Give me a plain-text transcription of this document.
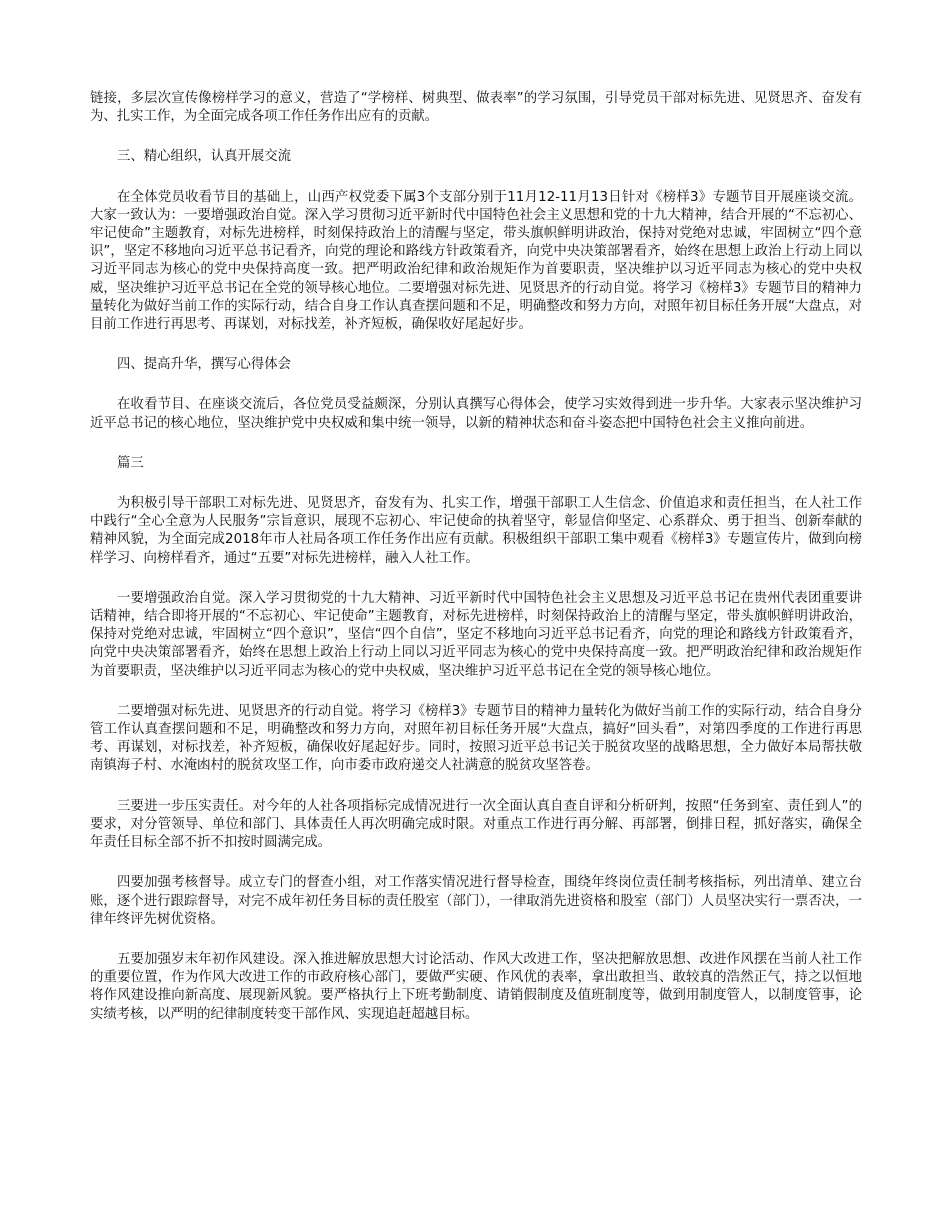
链接，多层次宣传像榜样学习的意义，营造了“学榜样、树典型、做表率”的学习氛围，引导党员干部对标先进、见贤思齐、奋发有为、扎实工作，为全面完成各项工作任务作出应有的贡献。

三、精心组织，认真开展交流

在全体党员收看节目的基础上，山西产权党委下属3个支部分别于11月12-11月13日针对《榜样3》专题节目开展座谈交流。大家一致认为：一要增强政治自觉。深入学习贯彻习近平新时代中国特色社会主义思想和党的十九大精神，结合开展的“不忘初心、牢记使命”主题教育，对标先进榜样，时刻保持政治上的清醒与坚定，带头旗帜鲜明讲政治，保持对党绝对忠诚，牢固树立“四个意识”，坚定不移地向习近平总书记看齐，向党的理论和路线方针政策看齐，向党中央决策部署看齐，始终在思想上政治上行动上同以习近平同志为核心的党中央保持高度一致。把严明政治纪律和政治规矩作为首要职责，坚决维护以习近平同志为核心的党中央权威，坚决维护习近平总书记在全党的领导核心地位。二要增强对标先进、见贤思齐的行动自觉。将学习《榜样3》专题节目的精神力量转化为做好当前工作的实际行动，结合自身工作认真查摆问题和不足，明确整改和努力方向，对照年初目标任务开展“大盘点，对目前工作进行再思考、再谋划，对标找差，补齐短板，确保收好尾起好步。

四、提高升华，撰写心得体会

在收看节目、在座谈交流后，各位党员受益颇深，分别认真撰写心得体会，使学习实效得到进一步升华。大家表示坚决维护习近平总书记的核心地位，坚决维护党中央权威和集中统一领导，以新的精神状态和奋斗姿态把中国特色社会主义推向前进。

篇三

为积极引导干部职工对标先进、见贤思齐，奋发有为、扎实工作，增强干部职工人生信念、价值追求和责任担当，在人社工作中践行“全心全意为人民服务”宗旨意识，展现不忘初心、牢记使命的执着坚守，彰显信仰坚定、心系群众、勇于担当、创新奉献的精神风貌，为全面完成2018年市人社局各项工作任务作出应有贡献。积极组织干部职工集中观看《榜样3》专题宣传片，做到向榜样学习、向榜样看齐，通过“五要”对标先进榜样，融入人社工作。

一要增强政治自觉。深入学习贯彻党的十九大精神、习近平新时代中国特色社会主义思想及习近平总书记在贵州代表团重要讲话精神，结合即将开展的“不忘初心、牢记使命”主题教育，对标先进榜样，时刻保持政治上的清醒与坚定，带头旗帜鲜明讲政治，保持对党绝对忠诚，牢固树立“四个意识”，坚信“四个自信”，坚定不移地向习近平总书记看齐，向党的理论和路线方针政策看齐，向党中央决策部署看齐，始终在思想上政治上行动上同以习近平同志为核心的党中央保持高度一致。把严明政治纪律和政治规矩作为首要职责，坚决维护以习近平同志为核心的党中央权威，坚决维护习近平总书记在全党的领导核心地位。

二要增强对标先进、见贤思齐的行动自觉。将学习《榜样3》专题节目的精神力量转化为做好当前工作的实际行动，结合自身分管工作认真查摆问题和不足，明确整改和努力方向，对照年初目标任务开展“大盘点，搞好“回头看”，对第四季度的工作进行再思考、再谋划，对标找差，补齐短板，确保收好尾起好步。同时，按照习近平总书记关于脱贫攻坚的战略思想，全力做好本局帮扶敬南镇海子村、水淹凼村的脱贫攻坚工作，向市委市政府递交人社满意的脱贫攻坚答卷。

三要进一步压实责任。对今年的人社各项指标完成情况进行一次全面认真自查自评和分析研判，按照“任务到室、责任到人”的要求，对分管领导、单位和部门、具体责任人再次明确完成时限。对重点工作进行再分解、再部署，倒排日程，抓好落实，确保全年责任目标全部不折不扣按时圆满完成。

四要加强考核督导。成立专门的督查小组，对工作落实情况进行督导检查，围绕年终岗位责任制考核指标，列出清单、建立台账，逐个进行跟踪督导，对完不成年初任务目标的责任股室（部门），一律取消先进资格和股室（部门）人员坚决实行一票否决，一律年终评先树优资格。

五要加强岁末年初作风建设。深入推进解放思想大讨论活动、作风大改进工作，坚决把解放思想、改进作风摆在当前人社工作的重要位置，作为作风大改进工作的市政府核心部门，要做严实硬、作风优的表率，拿出敢担当、敢较真的浩然正气，持之以恒地将作风建设推向新高度、展现新风貌。要严格执行上下班考勤制度、请销假制度及值班制度等，做到用制度管人，以制度管事，论实绩考核，以严明的纪律制度转变干部作风、实现追赶超越目标。
